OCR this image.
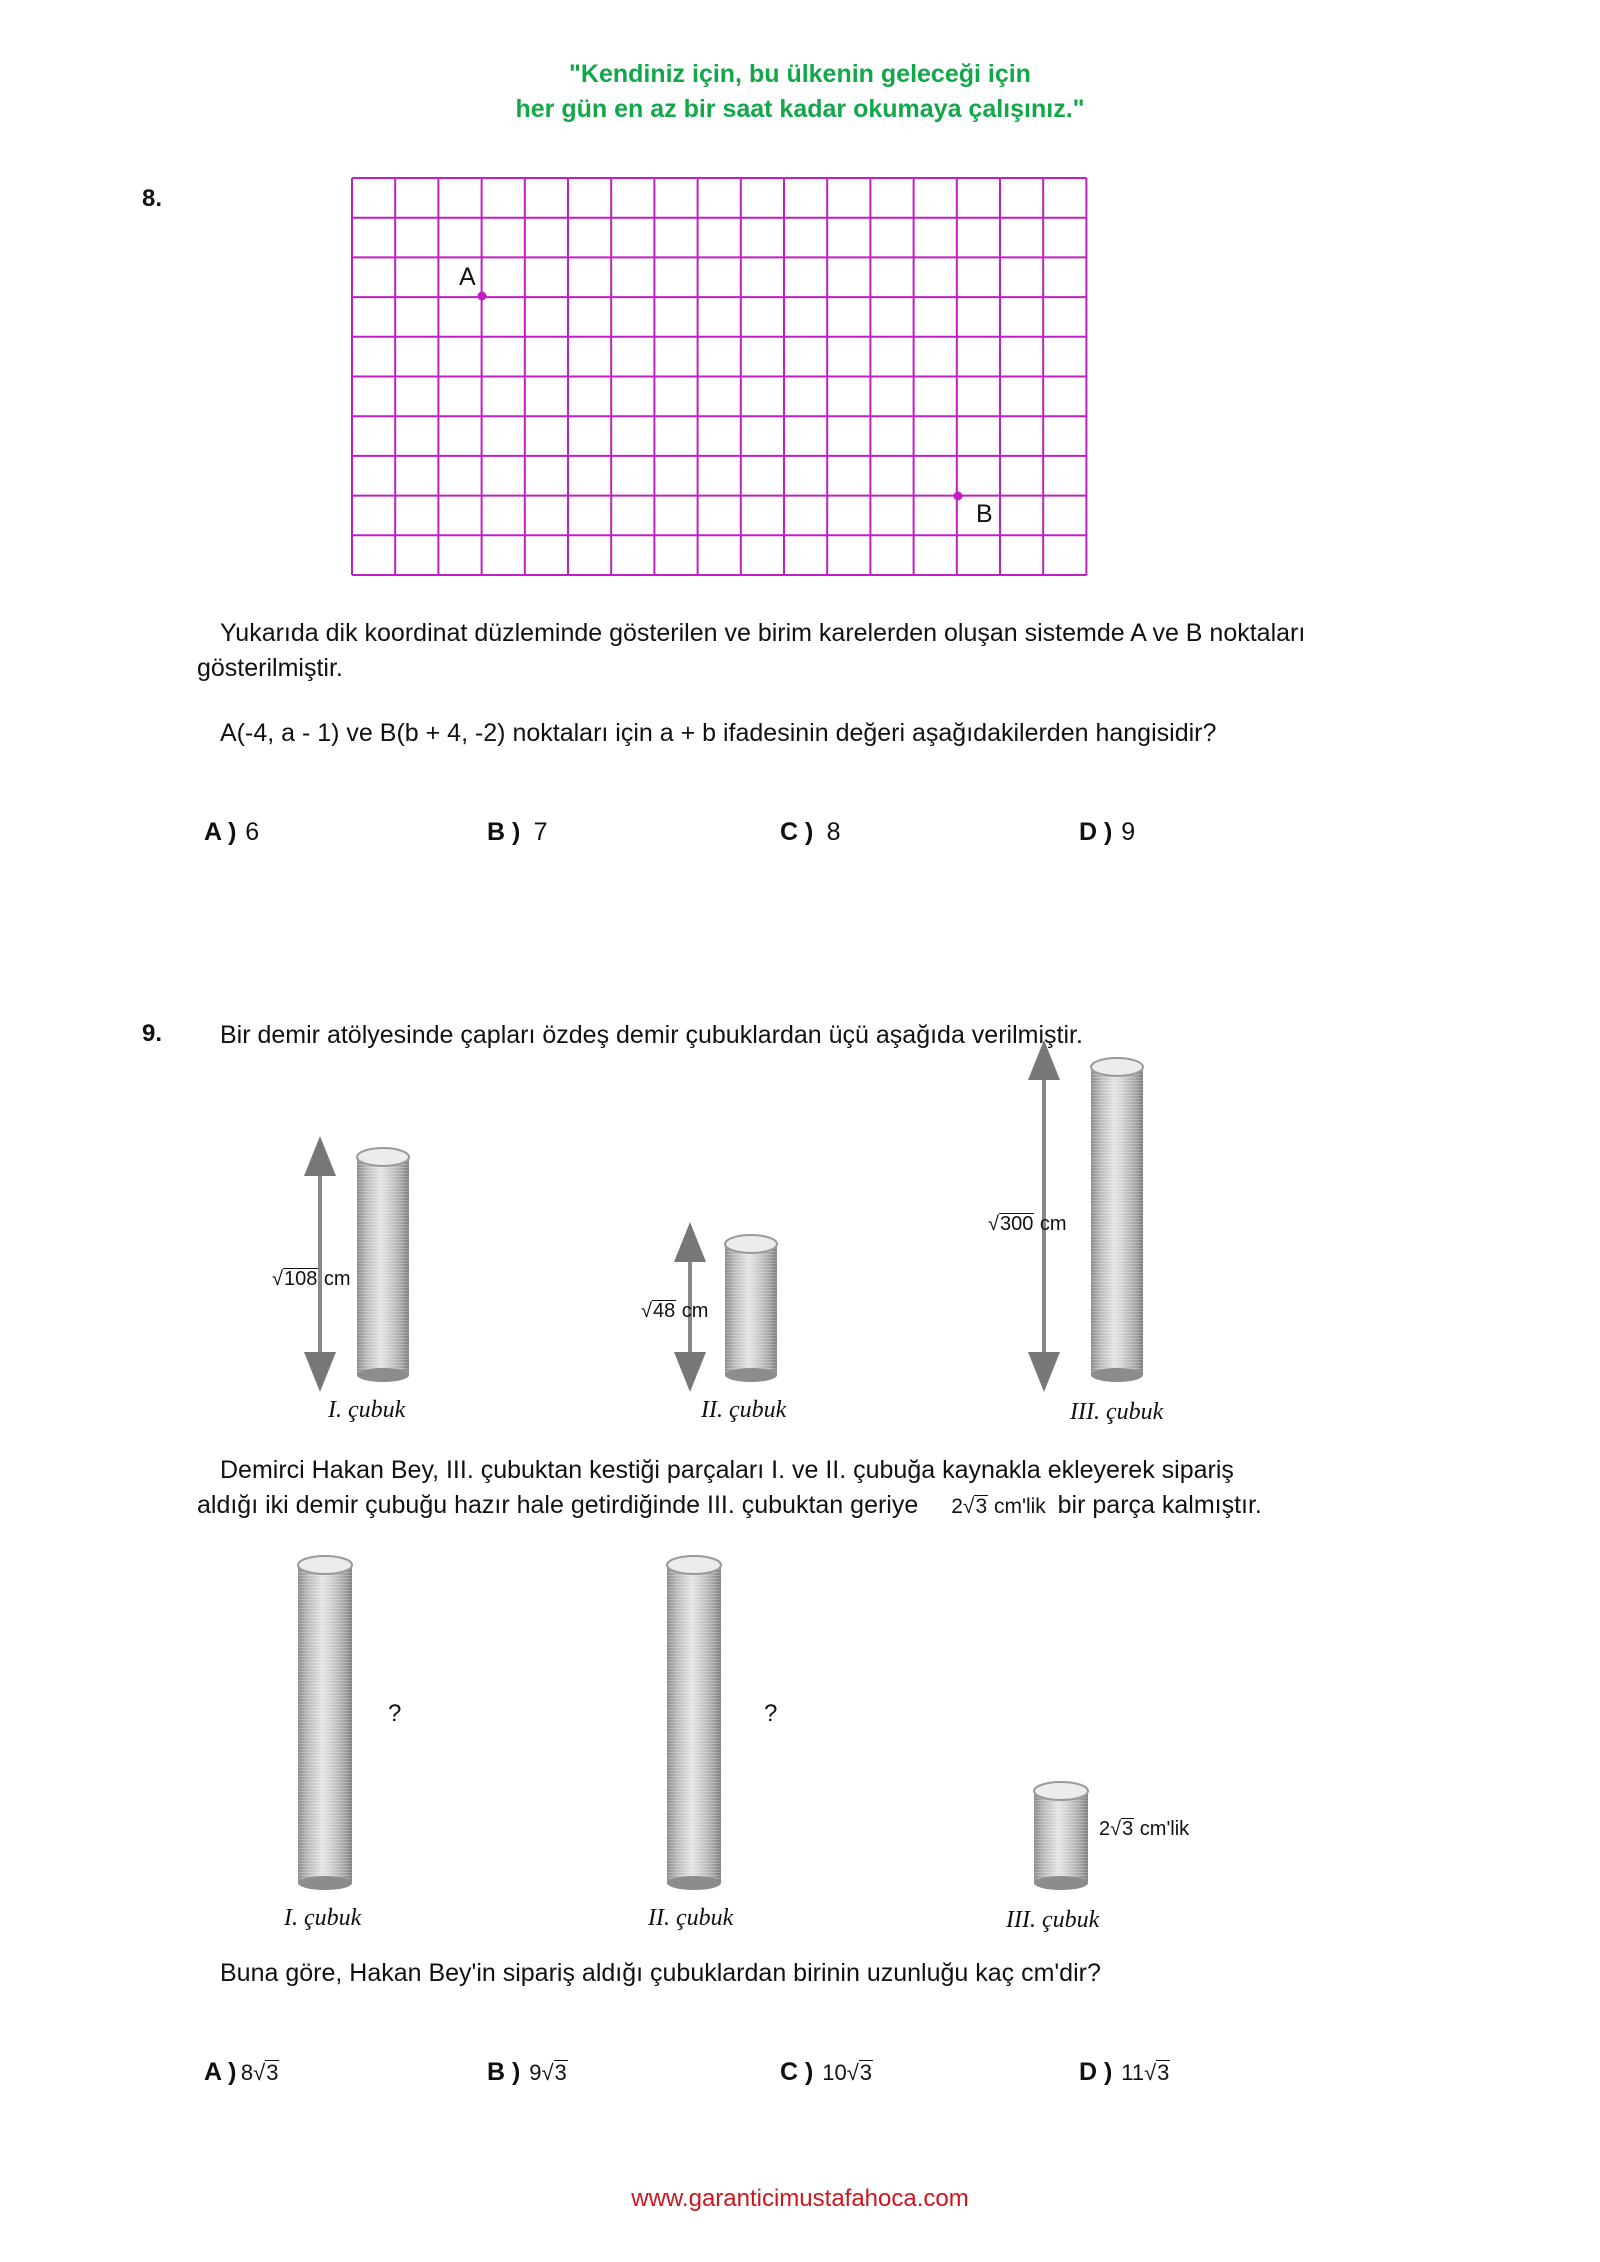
"Kendiniz için, bu ülkenin geleceği için
her gün en az bir saat kadar okumaya çalışınız."
8.
A
B
Yukarıda dik koordinat düzleminde gösterilen ve birim karelerden oluşan sistemde A ve B noktaları
gösterilmiştir.
A(-4, a - 1) ve B(b + 4, -2) noktaları için a + b ifadesinin değeri aşağıdakilerden hangisidir?
A ) 6	B ) 7	C ) 8	D ) 9
9. Bir demir atölyesinde çapları özdeş demir çubuklardan üçü aşağıda verilmiştir.
√108 cm
√48 cm
√300 cm
I. çubuk	II. çubuk	III. çubuk
Demirci Hakan Bey, III. çubuktan kestiği parçaları I. ve II. çubuğa kaynakla ekleyerek sipariş
aldığı iki demir çubuğu hazır hale getirdiğinde III. çubuktan geriye 2√3 cm'lik bir parça kalmıştır.
?	?
2√3 cm'lik
I. çubuk	II. çubuk	III. çubuk
Buna göre, Hakan Bey'in sipariş aldığı çubuklardan birinin uzunluğu kaç cm'dir?
A ) 8√3	B ) 9√3	C ) 10√3	D ) 11√3
www.garanticimustafahoca.com
